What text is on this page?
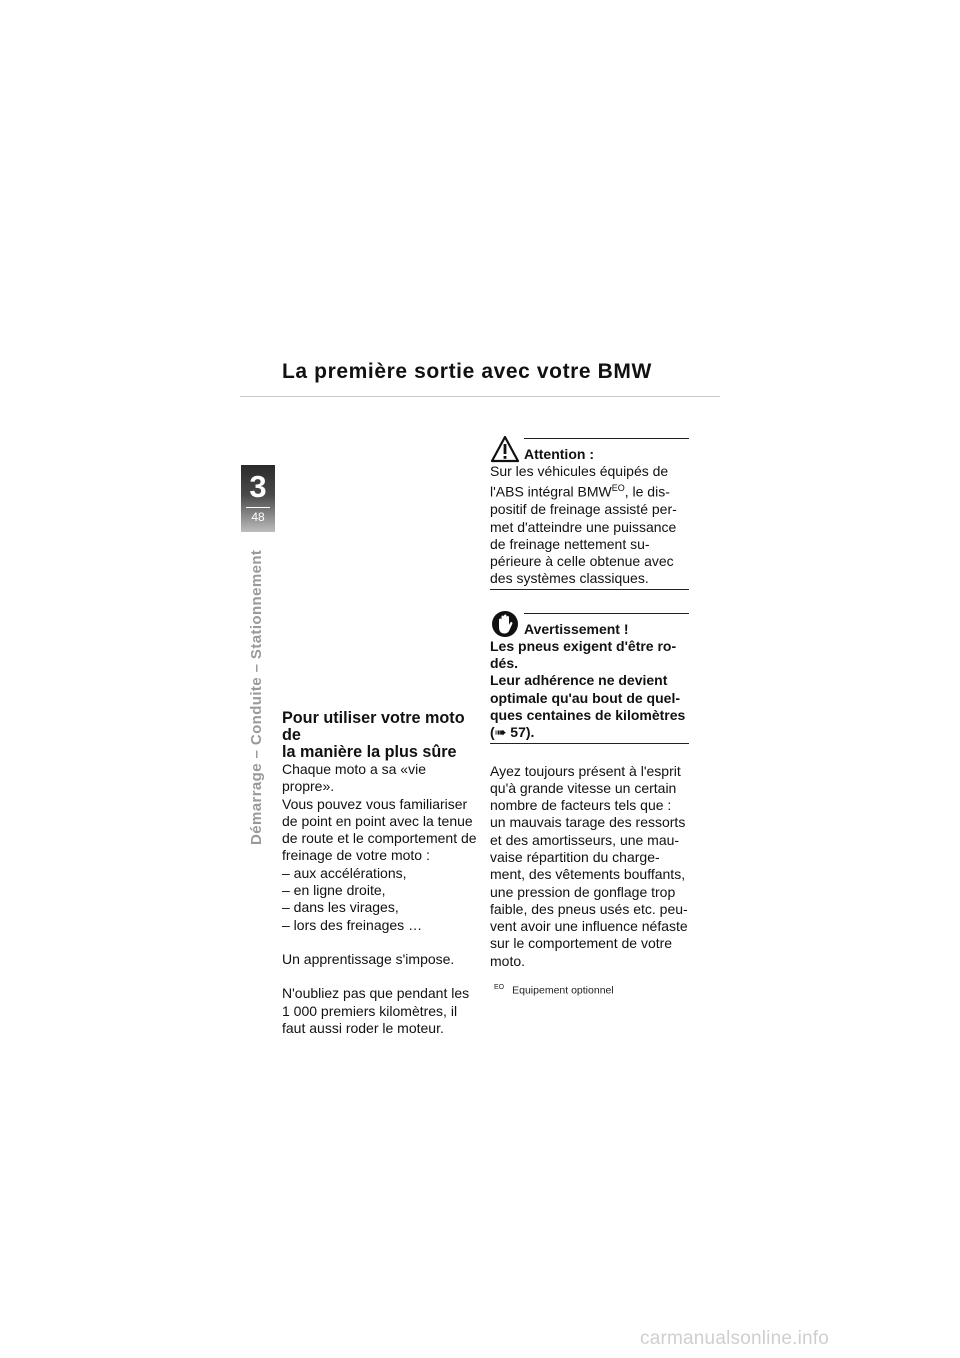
La première sortie avec votre BMW
3
48
Démarrage – Conduite – Stationnement Pour utiliser votre moto de
la manière la plus sûre

Chaque moto a sa «vie propre».
Vous pouvez vous familiariser
de point en point avec la tenue
de route et le comportement de
freinage de votre moto :

– aux accélérations,
– en ligne droite,
– dans les virages,
– lors des freinages …

Un apprentissage s'impose.

N'oubliez pas que pendant les
1 000 premiers kilomètres, il
faut aussi roder le moteur.

Attention :

Sur les véhicules équipés de
l'ABS intégral $BMW^{EO}$, le dis-
positif de freinage assisté per-
met d'atteindre une puissance
de freinage nettement su-
périeure à celle obtenue avec
des systèmes classiques.

Avertissement !

Les pneus exigent d'être ro-
dés.
Leur adhérence ne devient
optimale qu'au bout de quel-
ques centaines de kilomètres
(➠ 57).

Ayez toujours présent à l'esprit
qu'à grande vitesse un certain
nombre de facteurs tels que :
un mauvais tarage des ressorts
et des amortisseurs, une mau-
vaise répartition du charge-
ment, des vêtements bouffants,
une pression de gonflage trop
faible, des pneus usés etc. peu-
vent avoir une influence néfaste
sur le comportement de votre
moto.

$^{EO}$ Equipement optionnel
carmanualsonline.info
